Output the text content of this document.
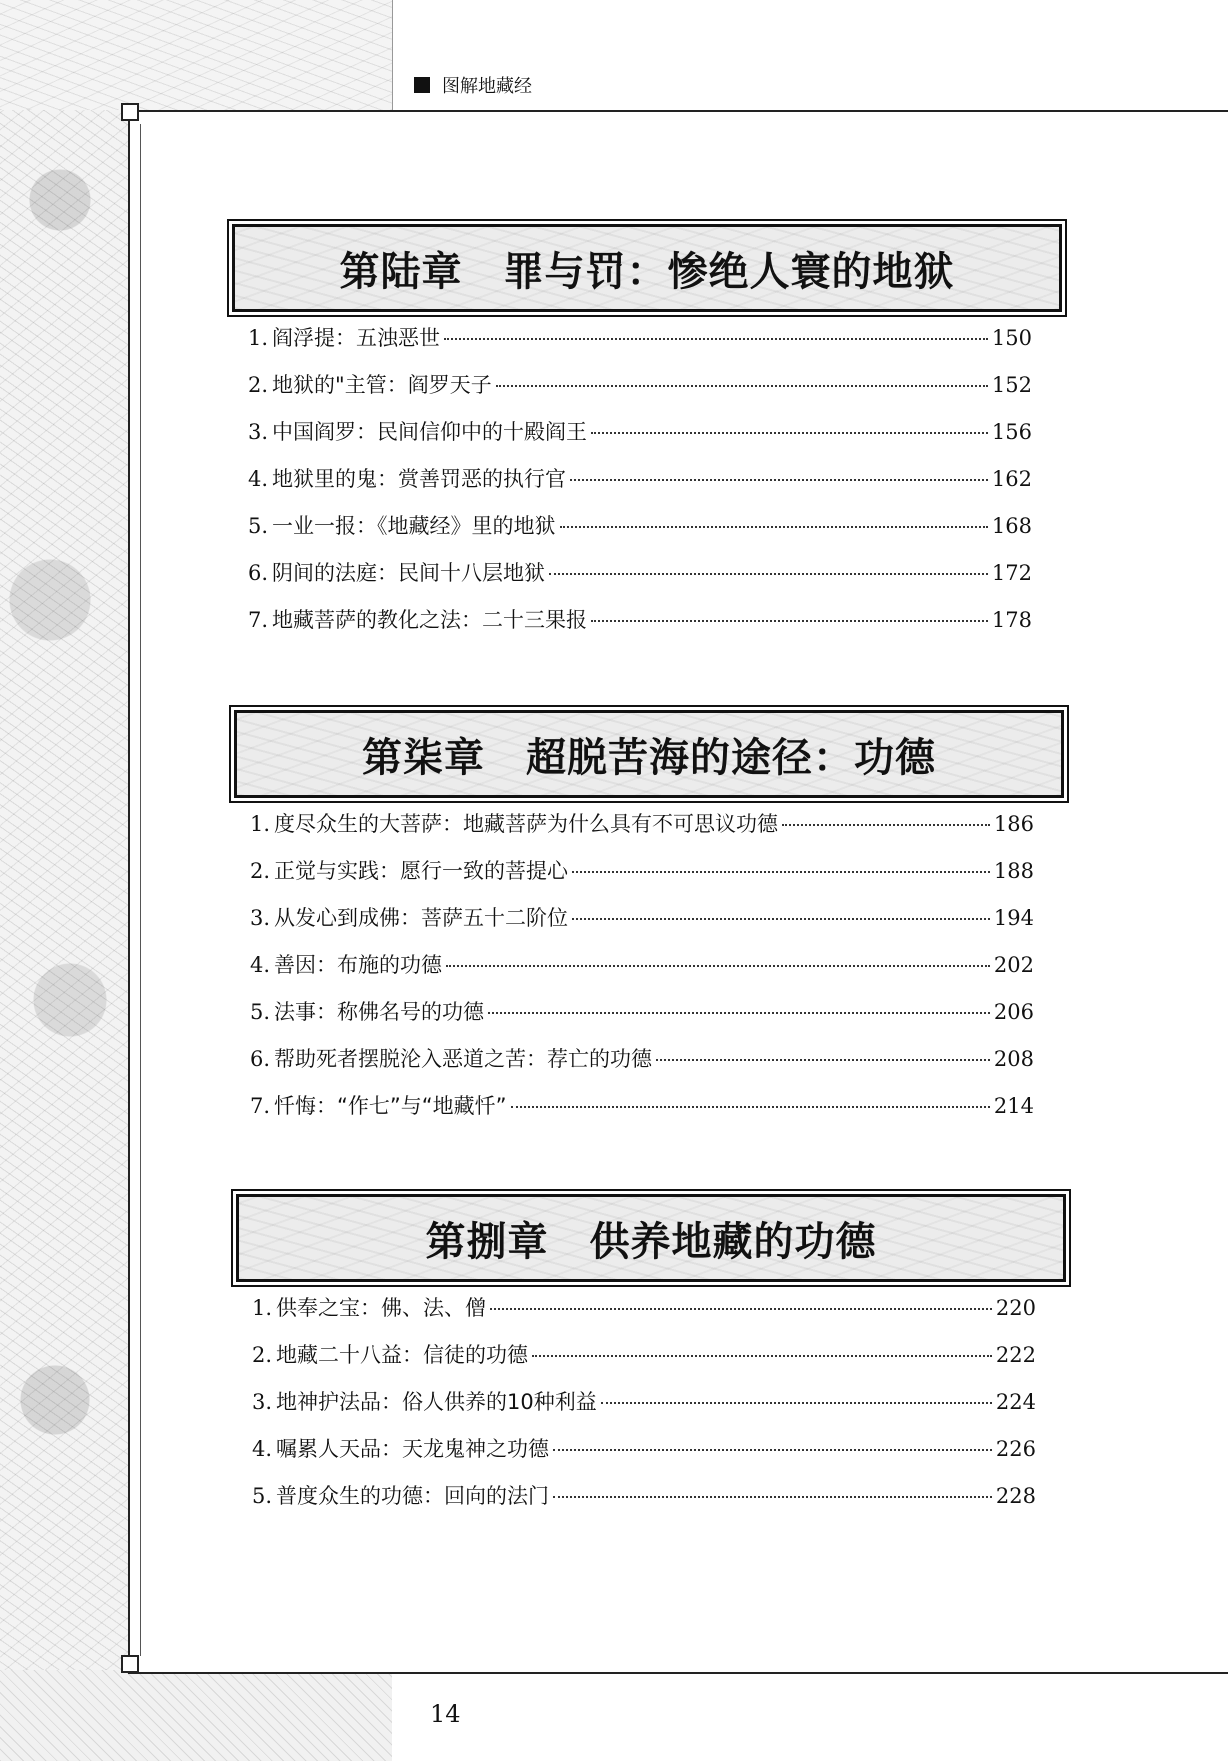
图解地藏经
第陆章　罪与罚：惨绝人寰的地狱
1. 阎浮提：五浊恶世	150
2. 地狱的"主管：阎罗天子	152
3. 中国阎罗：民间信仰中的十殿阎王	156
4. 地狱里的鬼：赏善罚恶的执行官	162
5. 一业一报：《地藏经》里的地狱	168
6. 阴间的法庭：民间十八层地狱	172
7. 地藏菩萨的教化之法：二十三果报	178
第柒章　超脱苦海的途径：功德
1. 度尽众生的大菩萨：地藏菩萨为什么具有不可思议功德	186
2. 正觉与实践：愿行一致的菩提心	188
3. 从发心到成佛：菩萨五十二阶位	194
4. 善因：布施的功德	202
5. 法事：称佛名号的功德	206
6. 帮助死者摆脱沦入恶道之苦：荐亡的功德	208
7. 忏悔：“作七”与“地藏忏”	214
第捌章　供养地藏的功德
1. 供奉之宝：佛、法、僧	220
2. 地藏二十八益：信徒的功德	222
3. 地神护法品：俗人供养的10种利益	224
4. 嘱累人天品：天龙鬼神之功德	226
5. 普度众生的功德：回向的法门	228
14
